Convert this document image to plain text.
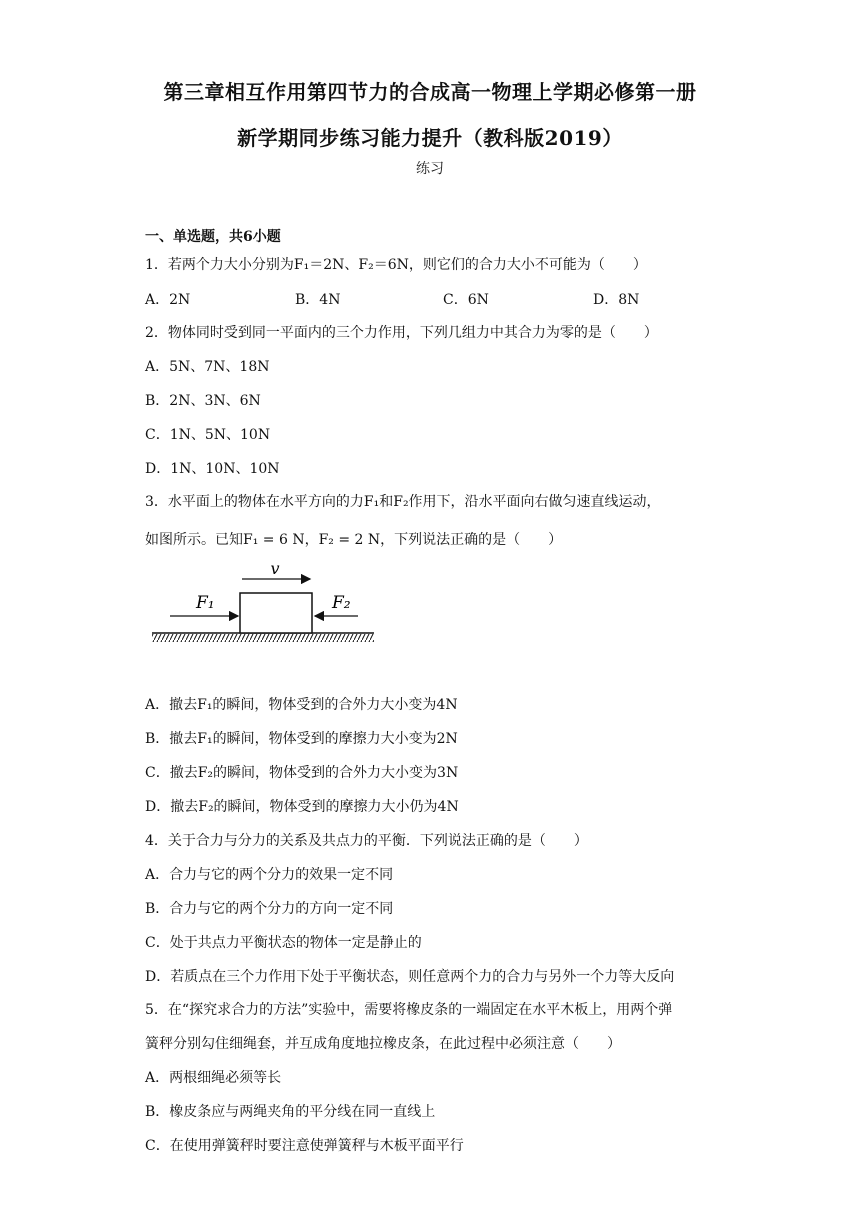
第三章相互作用第四节力的合成高一物理上学期必修第一册
新学期同步练习能力提升（教科版2019）
练习
一、单选题，共6小题
1．若两个力大小分别为F₁＝2N、F₂＝6N，则它们的合力大小不可能为（　　）
A．2N	B．4N	C．6N	D．8N
2．物体同时受到同一平面内的三个力作用，下列几组力中其合力为零的是（　　）
A．5N、7N、18N
B．2N、3N、6N
C．1N、5N、10N
D．1N、10N、10N
3．水平面上的物体在水平方向的力F₁和F₂作用下，沿水平面向右做匀速直线运动，
如图所示。已知F₁ = 6 N，F₂ = 2 N，下列说法正确的是（　　）
v
F₁	F₂
A．撤去F₁的瞬间，物体受到的合外力大小变为4N
B．撤去F₁的瞬间，物体受到的摩擦力大小变为2N
C．撤去F₂的瞬间，物体受到的合外力大小变为3N
D．撤去F₂的瞬间，物体受到的摩擦力大小仍为4N
4．关于合力与分力的关系及共点力的平衡．下列说法正确的是（　　）
A．合力与它的两个分力的效果一定不同
B．合力与它的两个分力的方向一定不同
C．处于共点力平衡状态的物体一定是静止的
D．若质点在三个力作用下处于平衡状态，则任意两个力的合力与另外一个力等大反向
5．在“探究求合力的方法”实验中，需要将橡皮条的一端固定在水平木板上，用两个弹
簧秤分别勾住细绳套，并互成角度地拉橡皮条，在此过程中必须注意（　　）
A．两根细绳必须等长
B．橡皮条应与两绳夹角的平分线在同一直线上
C．在使用弹簧秤时要注意使弹簧秤与木板平面平行
